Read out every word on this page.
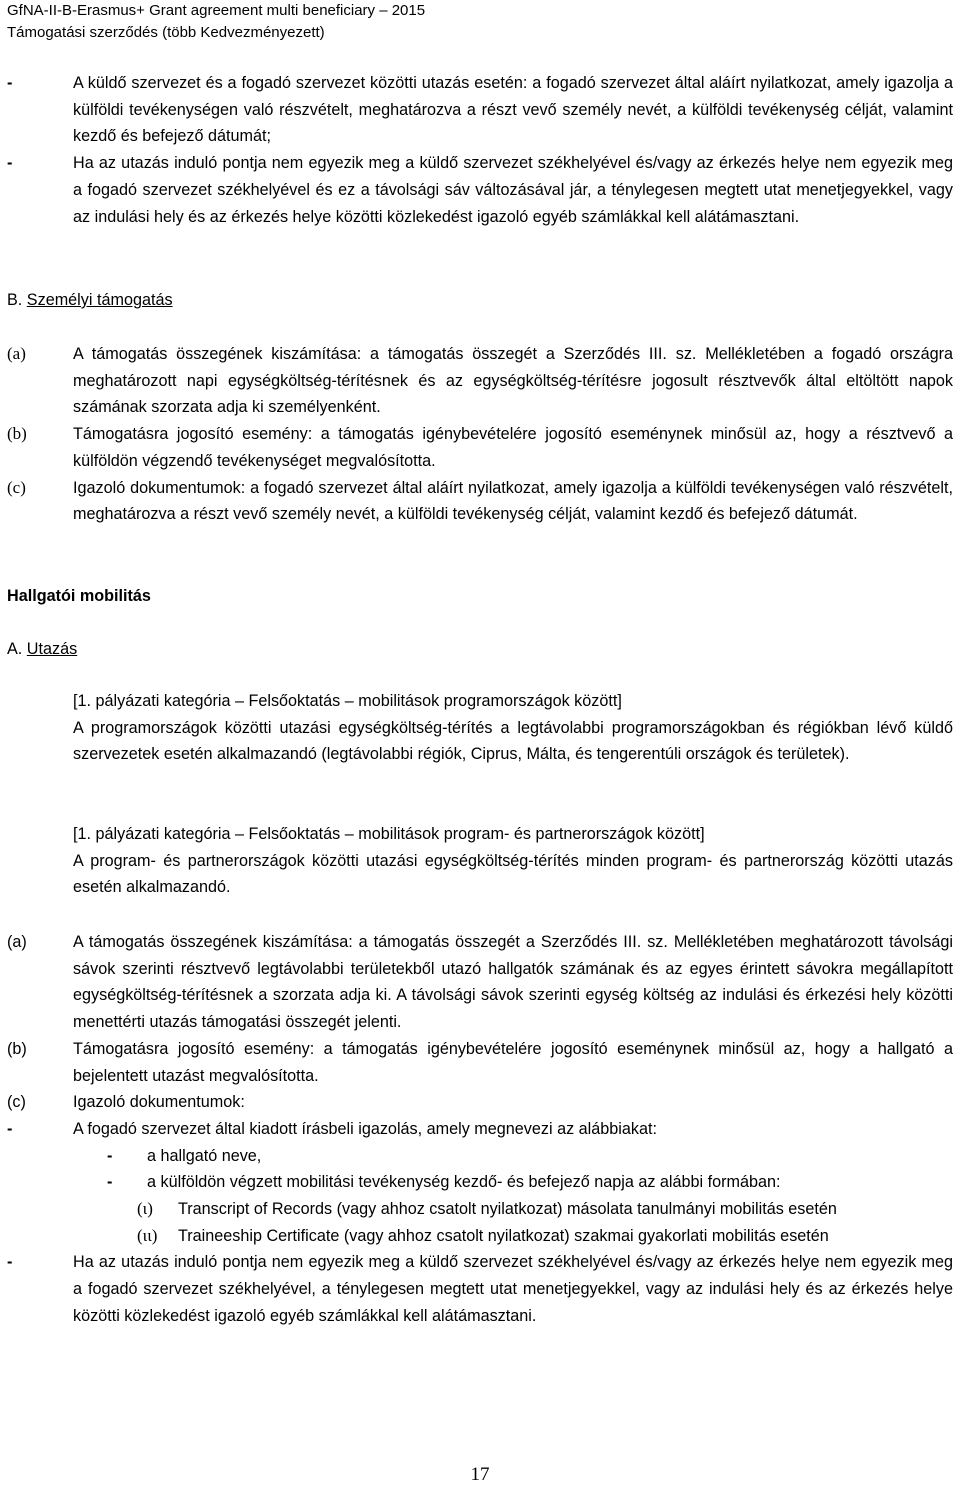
GfNA-II-B-Erasmus+ Grant agreement multi beneficiary – 2015
Támogatási szerződés (több Kedvezményezett)
-	A küldő szervezet és a fogadó szervezet közötti utazás esetén: a fogadó szervezet által aláírt nyilatkozat, amely igazolja a külföldi tevékenységen való részvételt, meghatározva a részt vevő személy nevét, a külföldi tevékenység célját, valamint kezdő és befejező dátumát;
-	Ha az utazás induló pontja nem egyezik meg a küldő szervezet székhelyével és/vagy az érkezés helye nem egyezik meg a fogadó szervezet székhelyével és ez a távolsági sáv változásával jár, a ténylegesen megtett utat menetjegyekkel, vagy az indulási hely és az érkezés helye közötti közlekedést igazoló egyéb számlákkal kell alátámasztani.
B. Személyi támogatás
(a)	A támogatás összegének kiszámítása: a támogatás összegét a Szerződés III. sz. Mellékletében a fogadó országra meghatározott napi egységköltség-térítésnek és az egységköltség-térítésre jogosult résztvevők által eltöltött napok számának szorzata adja ki személyenként.
(b)	Támogatásra jogosító esemény: a támogatás igénybevételére jogosító eseménynek minősül az, hogy a résztvevő a külföldön végzendő tevékenységet megvalósította.
(c)	Igazoló dokumentumok: a fogadó szervezet által aláírt nyilatkozat, amely igazolja a külföldi tevékenységen való részvételt, meghatározva a részt vevő személy nevét, a külföldi tevékenység célját, valamint kezdő és befejező dátumát.
Hallgatói mobilitás
A. Utazás
[1. pályázati kategória – Felsőoktatás – mobilitások programországok között]
A programországok közötti utazási egységköltség-térítés a legtávolabbi programországokban és régiókban lévő küldő szervezetek esetén alkalmazandó (legtávolabbi régiók, Ciprus, Málta, és tengerentúli országok és területek).
[1. pályázati kategória – Felsőoktatás – mobilitások program- és partnerországok között]
A program- és partnerországok közötti utazási egységköltség-térítés minden program- és partnerország közötti utazás esetén alkalmazandó.
(a)	A támogatás összegének kiszámítása: a támogatás összegét a Szerződés III. sz. Mellékletében meghatározott távolsági sávok szerinti résztvevő legtávolabbi területekből utazó hallgatók számának és az egyes érintett sávokra megállapított egységköltség-térítésnek a szorzata adja ki. A távolsági sávok szerinti egység költség az indulási és érkezési hely közötti menettérti utazás támogatási összegét jelenti.
(b)	Támogatásra jogosító esemény: a támogatás igénybevételére jogosító eseménynek minősül az, hogy a hallgató a bejelentett utazást megvalósította.
(c)	Igazoló dokumentumok:
-	A fogadó szervezet által kiadott írásbeli igazolás, amely megnevezi az alábbiakat:
- a hallgató neve,
- a külföldön végzett mobilitási tevékenység kezdő- és befejező napja az alábbi formában:
(ι) Transcript of Records (vagy ahhoz csatolt nyilatkozat) másolata tanulmányi mobilitás esetén
(ιι) Traineeship Certificate (vagy ahhoz csatolt nyilatkozat) szakmai gyakorlati mobilitás esetén
-	Ha az utazás induló pontja nem egyezik meg a küldő szervezet székhelyével és/vagy az érkezés helye nem egyezik meg a fogadó szervezet székhelyével, a ténylegesen megtett utat menetjegyekkel, vagy az indulási hely és az érkezés helye közötti közlekedést igazoló egyéb számlákkal kell alátámasztani.
17
